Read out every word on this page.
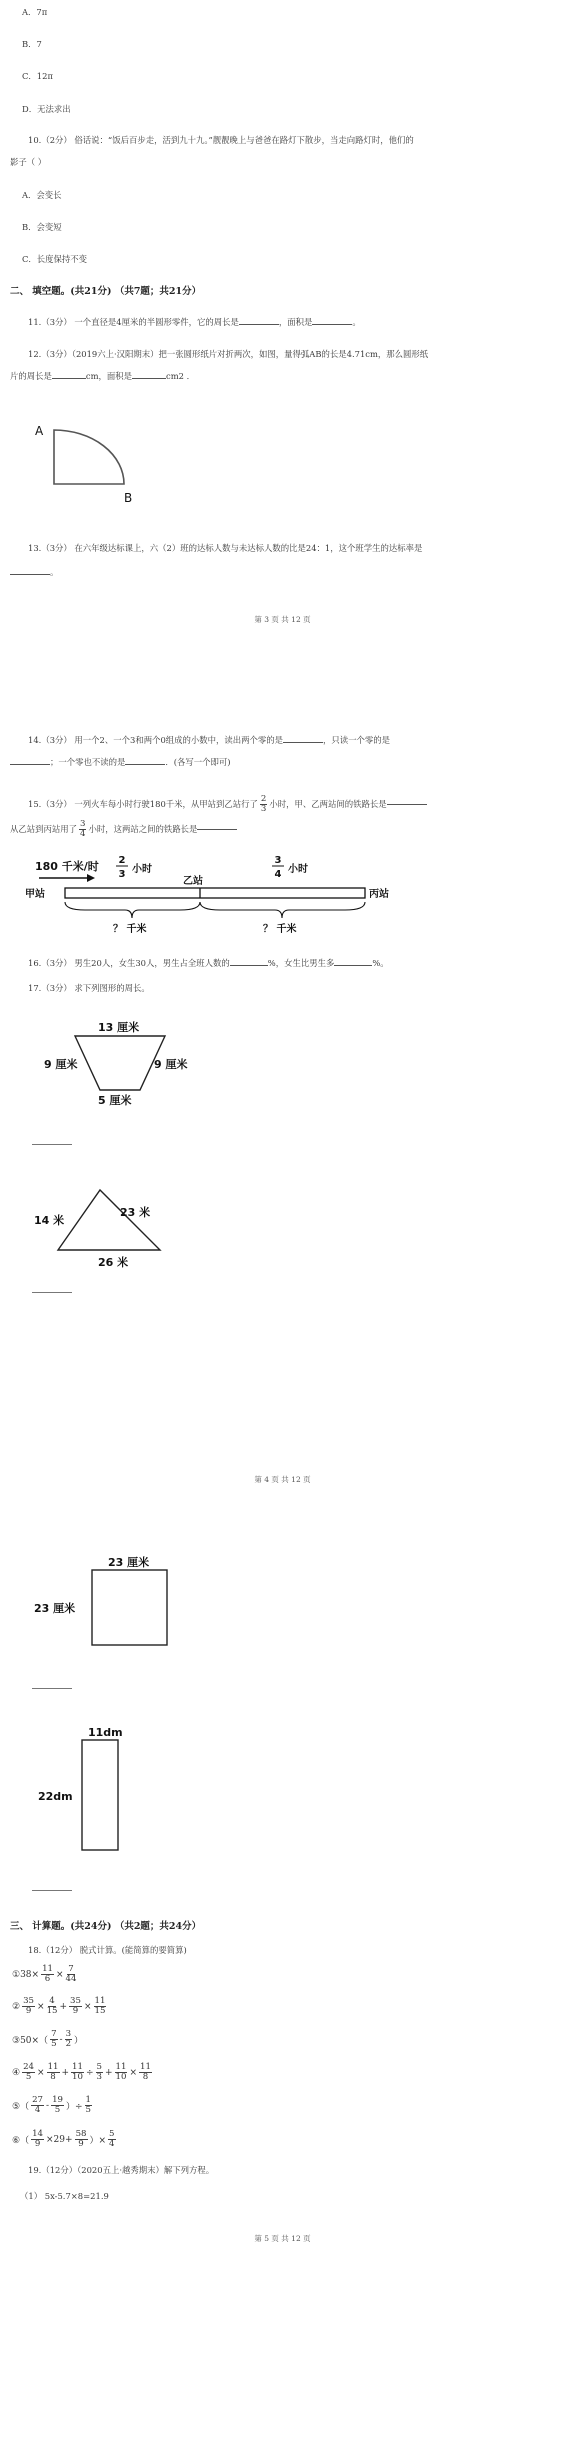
A．7π
B．7
C．12π
D．无法求出
10.（2分） 俗话说：“饭后百步走，活到九十九。”靓靓晚上与爸爸在路灯下散步，当走向路灯时，他们的
影子（ ）
A．会变长
B．会变短
C．长度保持不变
二、 填空题。(共21分) （共7题；共21分）
11.（3分） 一个直径是4厘米的半圆形零件，它的周长是	，面积是	。
12.（3分）（2019六上·汉阳期末）把一张圆形纸片对折两次，如图，量得弧AB的长是4.71cm，那么圆形纸
片的周长是	cm，面积是	cm2 ．
A
B
13.（3分） 在六年级达标课上，六（2）班的达标人数与未达标人数的比是24：1，这个班学生的达标率是
。
第 3 页 共 12 页
14.（3分） 用一个2、一个3和两个0组成的小数中，读出两个零的是	，只读一个零的是
；一个零也不读的是	．(各写一个即可)
15.（3分） 一列火车每小时行驶180千米，从甲站到乙站行了 $\frac{2}{3}$ 小时，甲、乙两站间的铁路长是
从乙站到丙站用了 $\frac{3}{4}$ 小时，这两站之间的铁路长是
180 千米/时 2
3 小时
3
4 小时
乙站
甲站	丙站
？ 千米	？ 千米
16.（3分） 男生20人，女生30人，男生占全班人数的	%，女生比男生多	%。
17.（3分） 求下列图形的周长。
13 厘米
9 厘米	9 厘米
5 厘米
14 米
23 米
26 米
第 4 页 共 12 页
23 厘米
23 厘米
11dm
22dm
三、 计算题。(共24分) （共2题；共24分）
18.（12分） 脱式计算。(能简算的要简算)
①38× $\frac{11}{6} \times \frac{7}{44}$
② $\frac{35}{9} \times \frac{4}{15} + \frac{35}{9} \times \frac{11}{15}$
③50×（ $\frac{7}{5} - \frac{3}{2}$ ）
④ $\frac{24}{5} \times \frac{11}{8} + \frac{11}{10} \div \frac{5}{3} + \frac{11}{10} \times \frac{11}{8}$
⑤（ $\frac{27}{4} - \frac{19}{5}$ ）÷ $\frac{1}{5}$
⑥（ $\frac{14}{9} \times 29+ \frac{58}{9}$ ）× $\frac{5}{4}$
19.（12分）（2020五上·越秀期末）解下列方程。
（1） 5x-5.7×8=21.9
第 5 页 共 12 页
